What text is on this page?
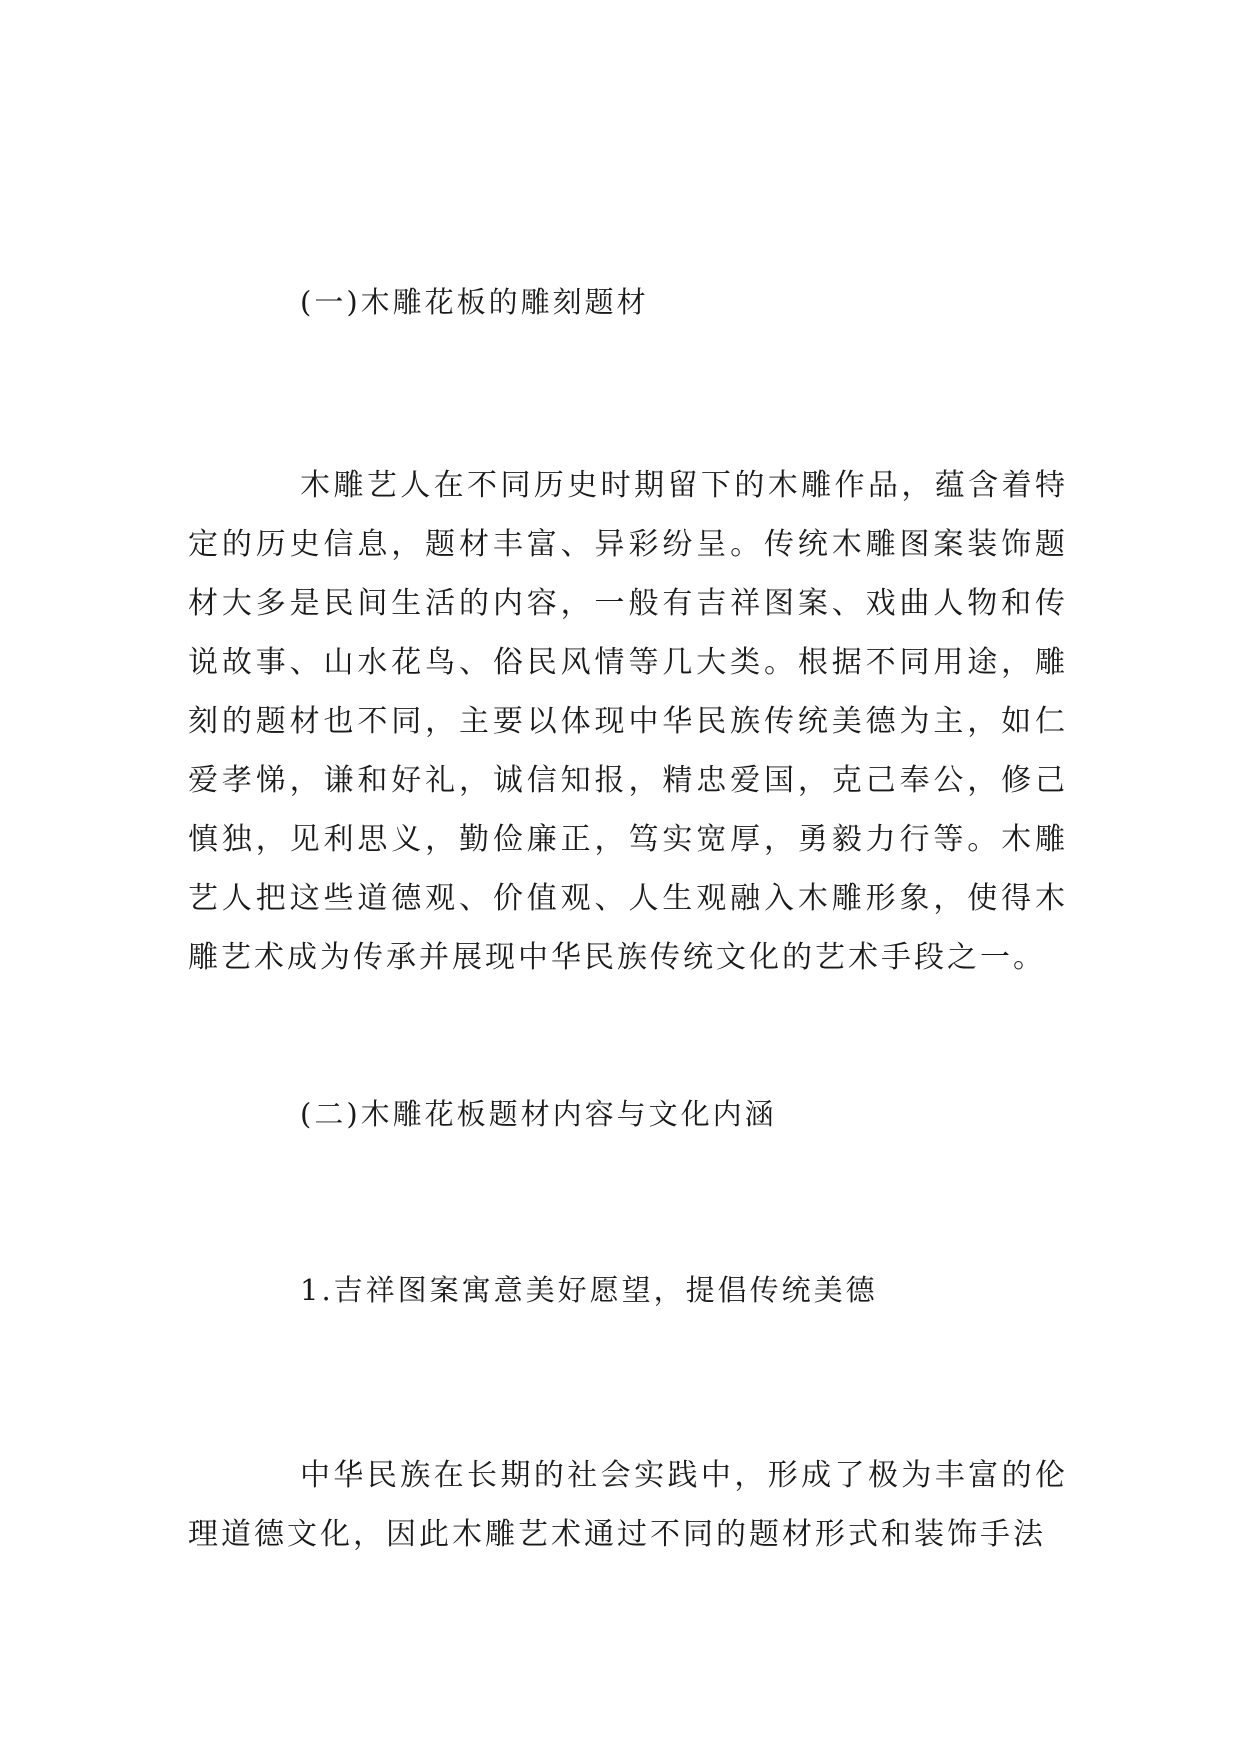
(一)木雕花板的雕刻题材

木雕艺人在不同历史时期留下的木雕作品，蕴含着特定的历史信息，题材丰富、异彩纷呈。传统木雕图案装饰题材大多是民间生活的内容，一般有吉祥图案、戏曲人物和传说故事、山水花鸟、俗民风情等几大类。根据不同用途，雕刻的题材也不同，主要以体现中华民族传统美德为主，如仁爱孝悌，谦和好礼，诚信知报，精忠爱国，克己奉公，修己慎独，见利思义，勤俭廉正，笃实宽厚，勇毅力行等。木雕艺人把这些道德观、价值观、人生观融入木雕形象，使得木雕艺术成为传承并展现中华民族传统文化的艺术手段之一。

(二)木雕花板题材内容与文化内涵
1.吉祥图案寓意美好愿望，提倡传统美德

中华民族在长期的社会实践中，形成了极为丰富的伦理道德文化，因此木雕艺术通过不同的题材形式和装饰手法
